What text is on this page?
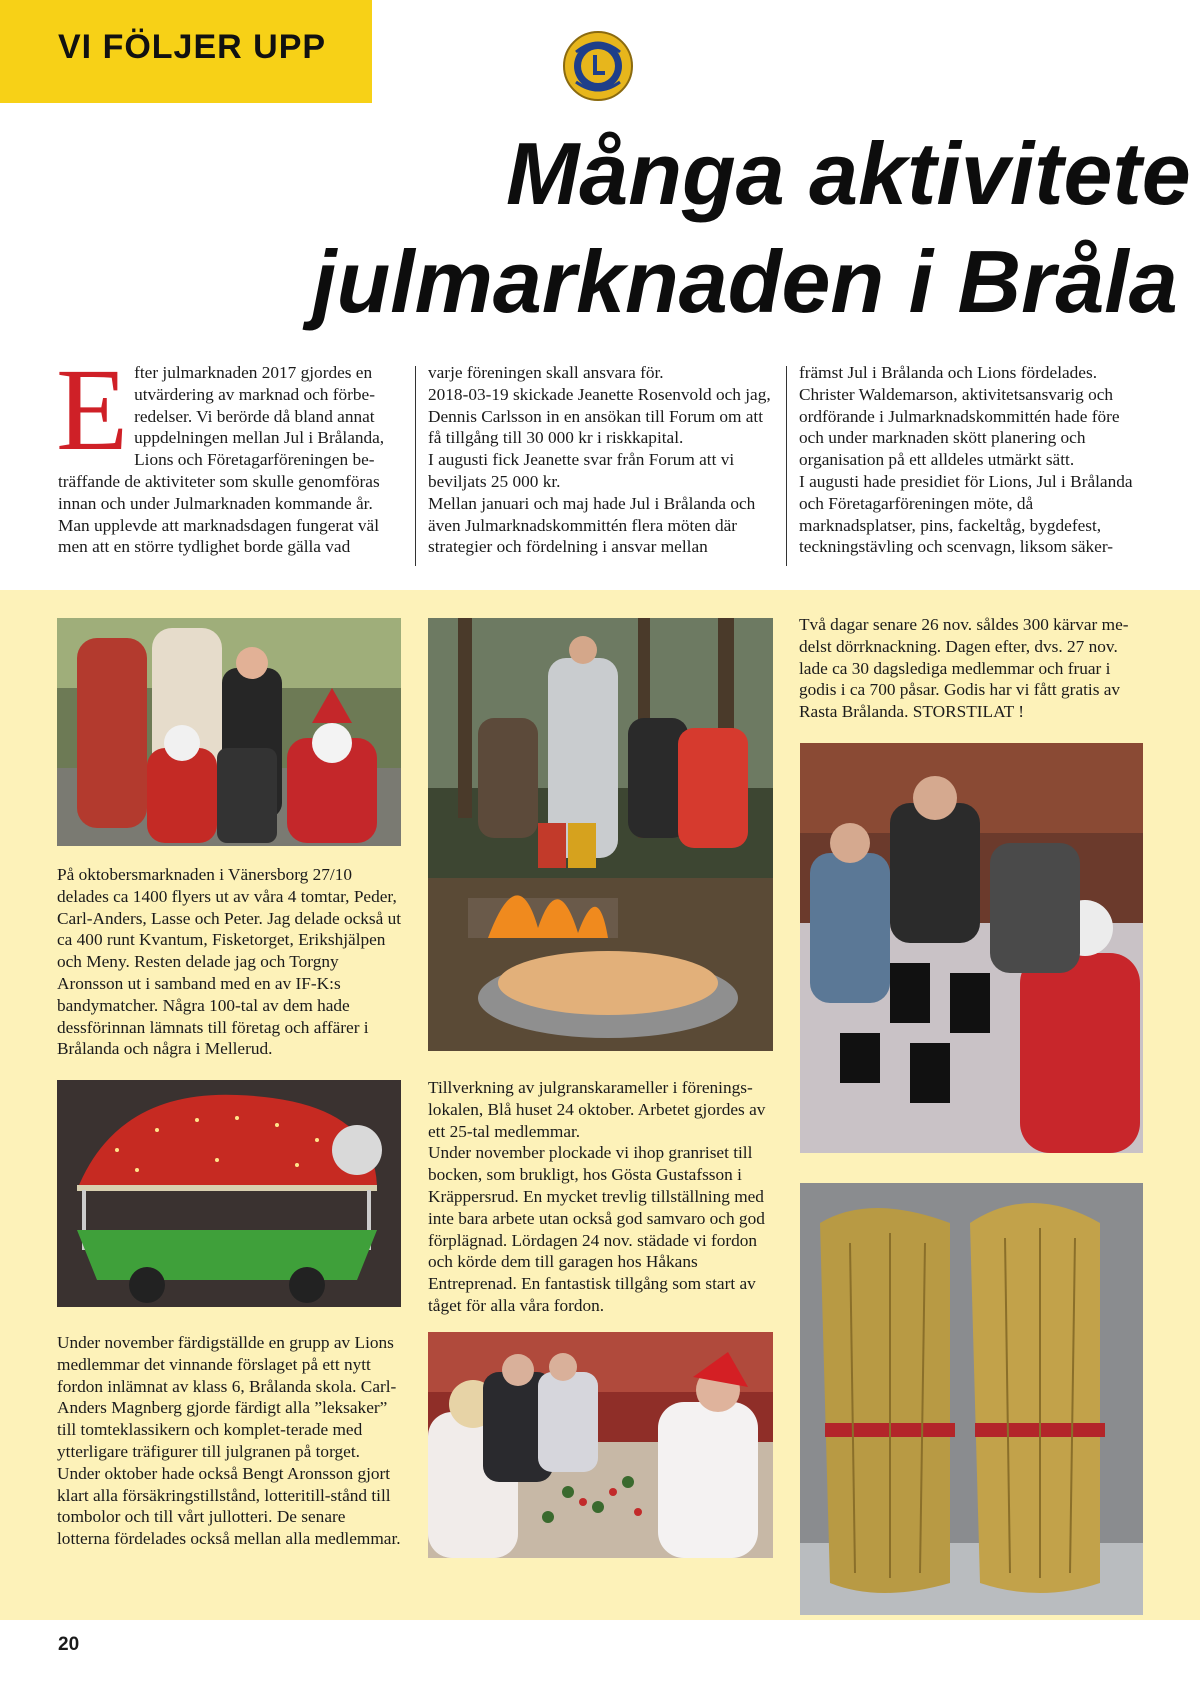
VI FÖLJER UPP
Många aktivitete
julmarknaden i Bråla
E fter julmarknaden 2017 gjordes en utvärdering av marknad och förbe-redelser. Vi berörde då bland annat uppdelningen mellan Jul i Brålanda, Lions och Företagarföreningen be-träffande de aktiviteter som skulle genomföras innan och under Julmarknaden kommande år. Man upplevde att marknadsdagen fungerat väl men att en större tydlighet borde gälla vad

varje föreningen skall ansvara för.

2018-03-19 skickade Jeanette Rosenvold och jag, Dennis Carlsson in en ansökan till Forum om att få tillgång till 30 000 kr i riskkapital.

I augusti fick Jeanette svar från Forum att vi beviljats 25 000 kr.

Mellan januari och maj hade Jul i Brålanda och även Julmarknadskommittén flera möten där strategier och fördelning i ansvar mellan

främst Jul i Brålanda och Lions fördelades. Christer Waldemarson, aktivitetsansvarig och ordförande i Julmarknadskommittén hade före och under marknaden skött planering och organisation på ett alldeles utmärkt sätt.

I augusti hade presidiet för Lions, Jul i Brålanda och Företagarföreningen möte, då marknadsplatser, pins, fackeltåg, bygdefest, teckningstävling och scenvagn, liksom säker-

Två dagar senare 26 nov. såldes 300 kärvar me-delst dörrknackning. Dagen efter, dvs. 27 nov. lade ca 30 dagslediga medlemmar och fruar i godis i ca 700 påsar. Godis har vi fått gratis av Rasta Brålanda. STORSTILAT !

På oktobersmarknaden i Vänersborg 27/10 delades ca 1400 flyers ut av våra 4 tomtar, Peder, Carl-Anders, Lasse och Peter. Jag delade också ut ca 400 runt Kvantum, Fisketorget, Erikshjälpen och Meny. Resten delade jag och Torgny Aronsson ut i samband med en av IF-K:s bandymatcher. Några 100-tal av dem hade dessförinnan lämnats till företag och affärer i Brålanda och några i Mellerud.

Tillverkning av julgranskarameller i förenings-lokalen, Blå huset 24 oktober. Arbetet gjordes av ett 25-tal medlemmar.

Under november plockade vi ihop granriset till bocken, som brukligt, hos Gösta Gustafsson i Kräppersrud. En mycket trevlig tillställning med inte bara arbete utan också god samvaro och god förplägnad. Lördagen 24 nov. städade vi fordon och körde dem till garagen hos Håkans Entreprenad. En fantastisk tillgång som start av tåget för alla våra fordon.

Under november färdigställde en grupp av Lions medlemmar det vinnande förslaget på ett nytt fordon inlämnat av klass 6, Brålanda skola. Carl-Anders Magnberg gjorde färdigt alla ”leksaker” till tomteklassikern och komplet-terade med ytterligare träfigurer till julgranen på torget.

Under oktober hade också Bengt Aronsson gjort klart alla försäkringstillstånd, lotteritill-stånd till tombolor och till vårt jullotteri. De senare lotterna fördelades också mellan alla medlemmar.

20
